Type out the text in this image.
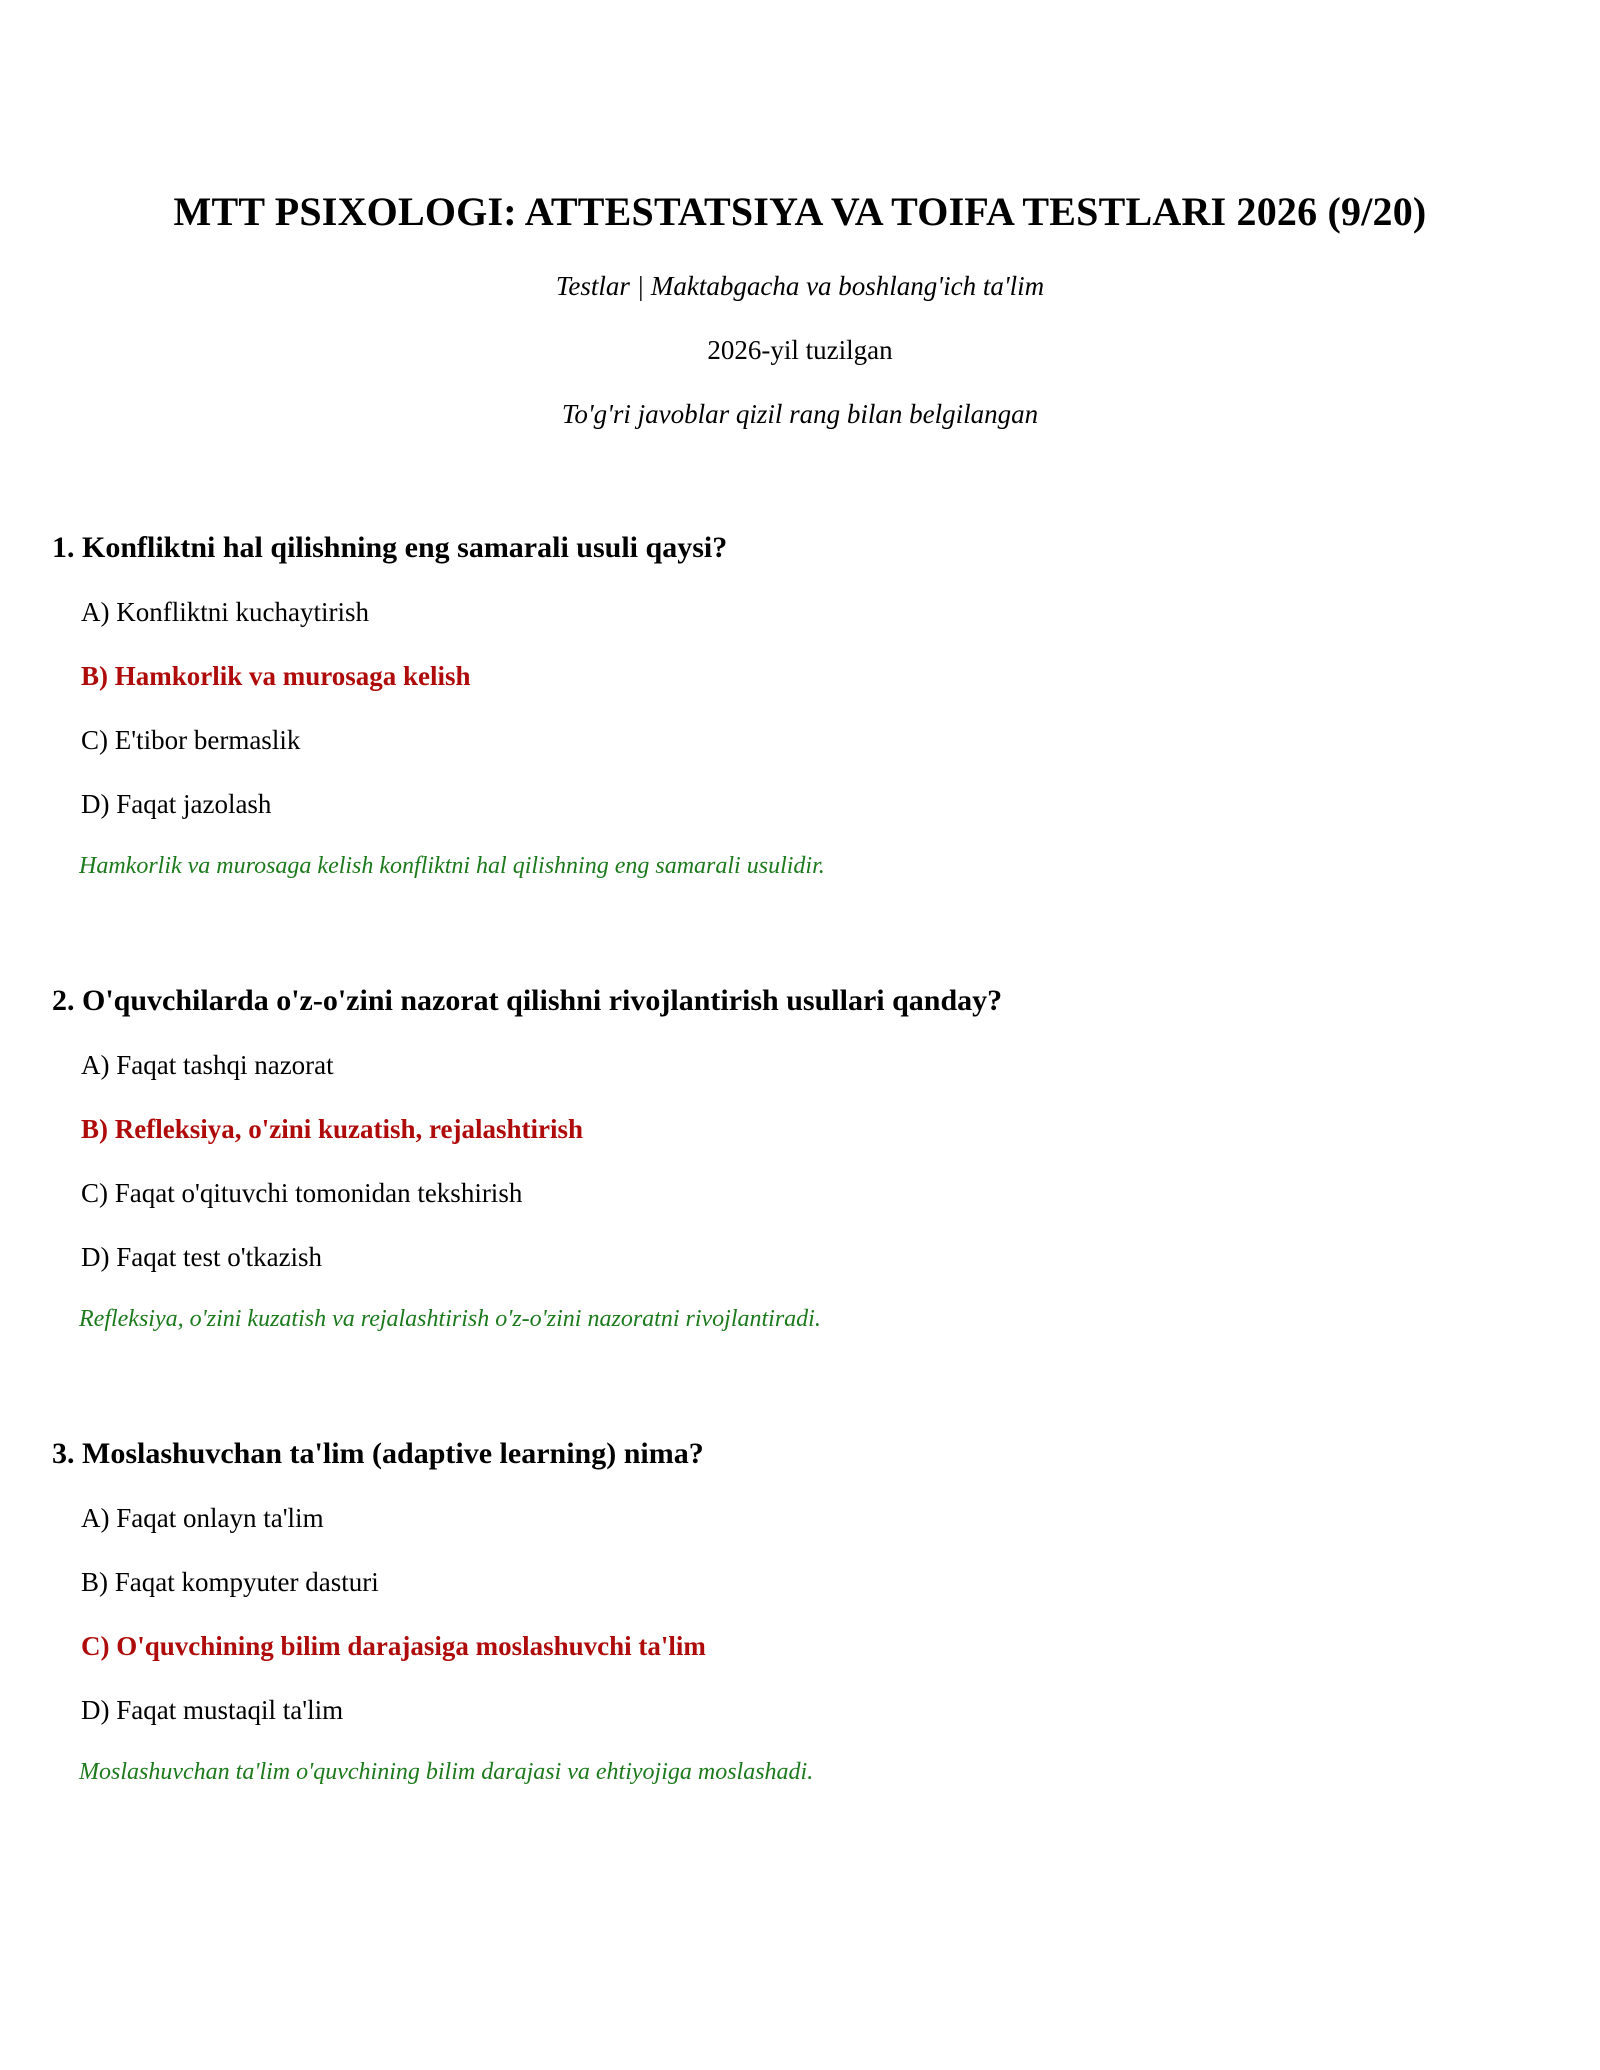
MTT PSIXOLOGI: ATTESTATSIYA VA TOIFA TESTLARI 2026 (9/20)
Testlar | Maktabgacha va boshlang'ich ta'lim
2026-yil tuzilgan
To'g'ri javoblar qizil rang bilan belgilangan

1. Konfliktni hal qilishning eng samarali usuli qaysi?

A) Konfliktni kuchaytirish
B) Hamkorlik va murosaga kelish
C) E'tibor bermaslik
D) Faqat jazolash
Hamkorlik va murosaga kelish konfliktni hal qilishning eng samarali usulidir.

2. O'quvchilarda o'z-o'zini nazorat qilishni rivojlantirish usullari qanday?

A) Faqat tashqi nazorat
B) Refleksiya, o'zini kuzatish, rejalashtirish
C) Faqat o'qituvchi tomonidan tekshirish
D) Faqat test o'tkazish
Refleksiya, o'zini kuzatish va rejalashtirish o'z-o'zini nazoratni rivojlantiradi.

3. Moslashuvchan ta'lim (adaptive learning) nima?

A) Faqat onlayn ta'lim
B) Faqat kompyuter dasturi
C) O'quvchining bilim darajasiga moslashuvchi ta'lim
D) Faqat mustaqil ta'lim
Moslashuvchan ta'lim o'quvchining bilim darajasi va ehtiyojiga moslashadi.
